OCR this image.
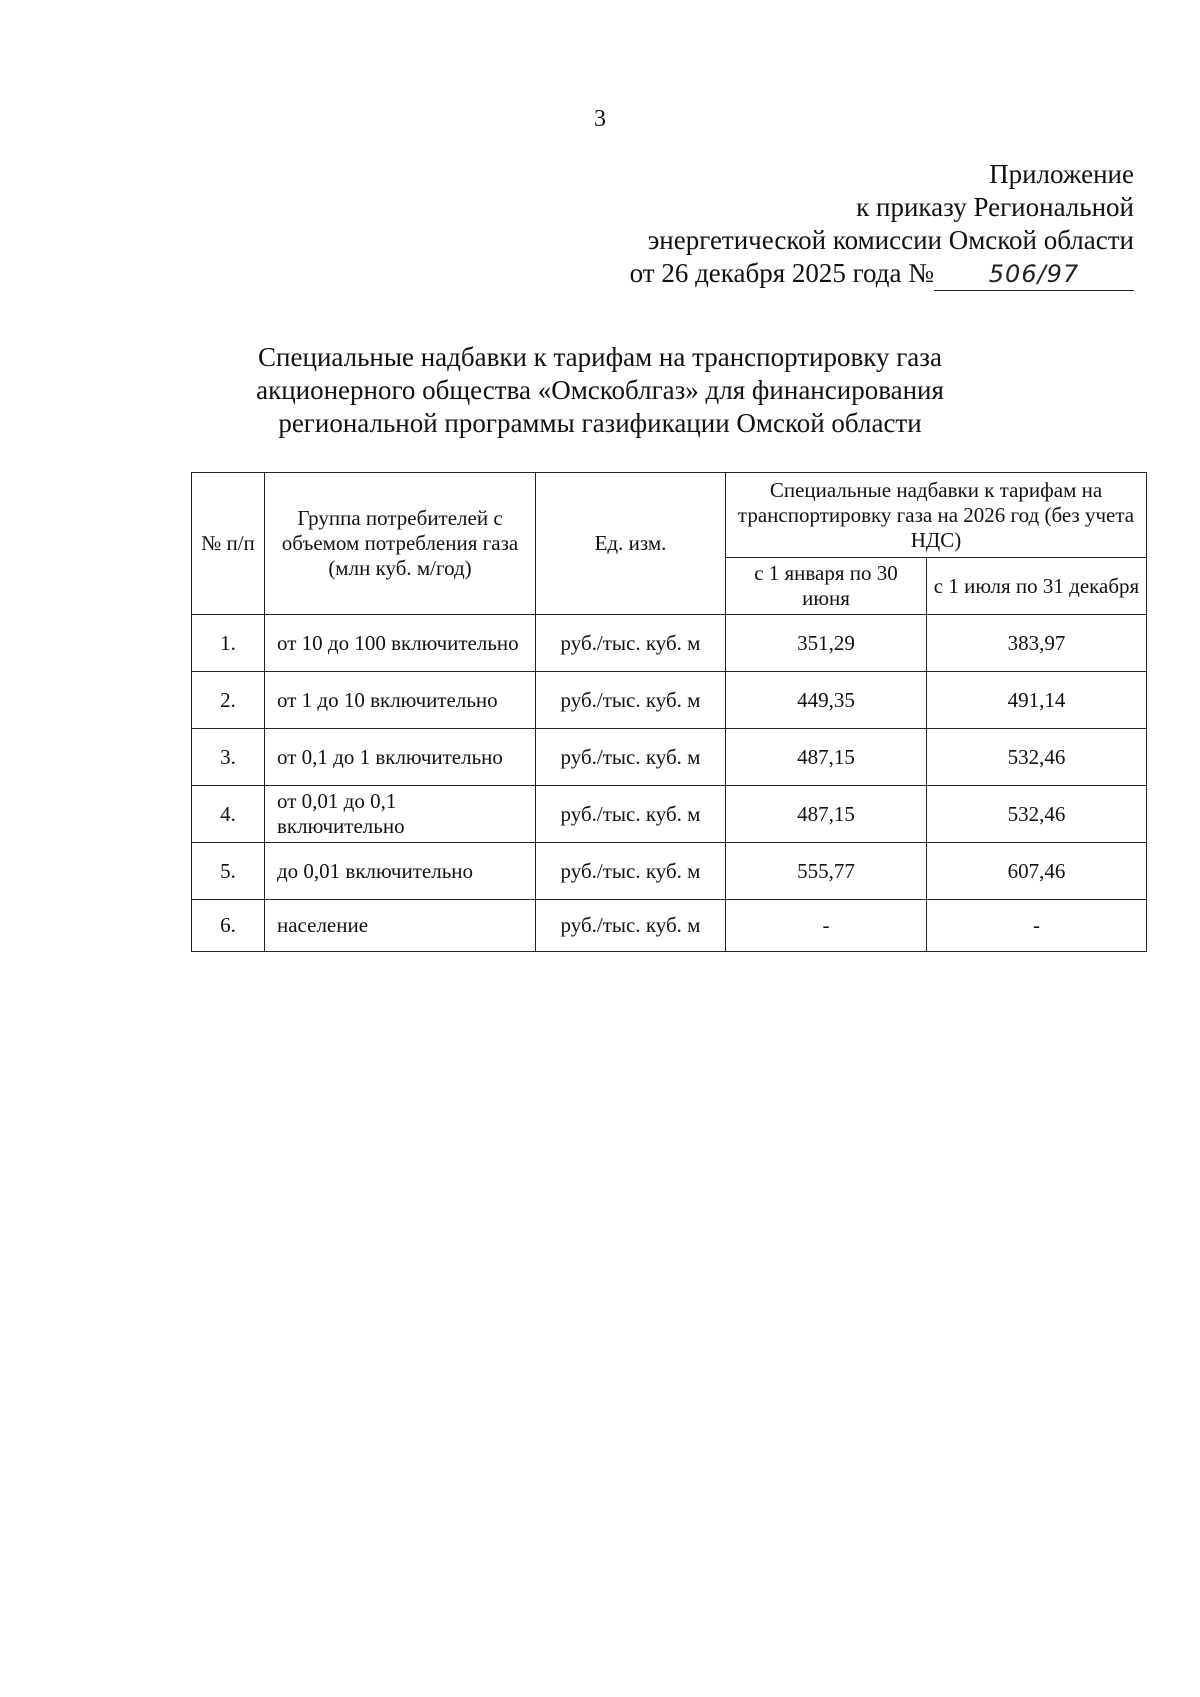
3
Приложение
к приказу Региональной
энергетической комиссии Омской области
от 26 декабря 2025 года № 506/97
Специальные надбавки к тарифам на транспортировку газа
акционерного общества «Омскоблгаз» для финансирования
региональной программы газификации Омской области
№ п/п	Группа потребителей с объемом потребления газа (млн куб. м/год)	Ед. изм.	Специальные надбавки к тарифам на транспортировку газа на 2026 год (без учета НДС)	
			с 1 января по 30 июня	с 1 июля по 31 декабря
1.	от 10 до 100 включительно	руб./тыс. куб. м	351,29	383,97
2.	от 1 до 10 включительно	руб./тыс. куб. м	449,35	491,14
3.	от 0,1 до 1 включительно	руб./тыс. куб. м	487,15	532,46
4.	от 0,01 до 0,1 включительно	руб./тыс. куб. м	487,15	532,46
5.	до 0,01 включительно	руб./тыс. куб. м	555,77	607,46
6.	население	руб./тыс. куб. м	-	-
